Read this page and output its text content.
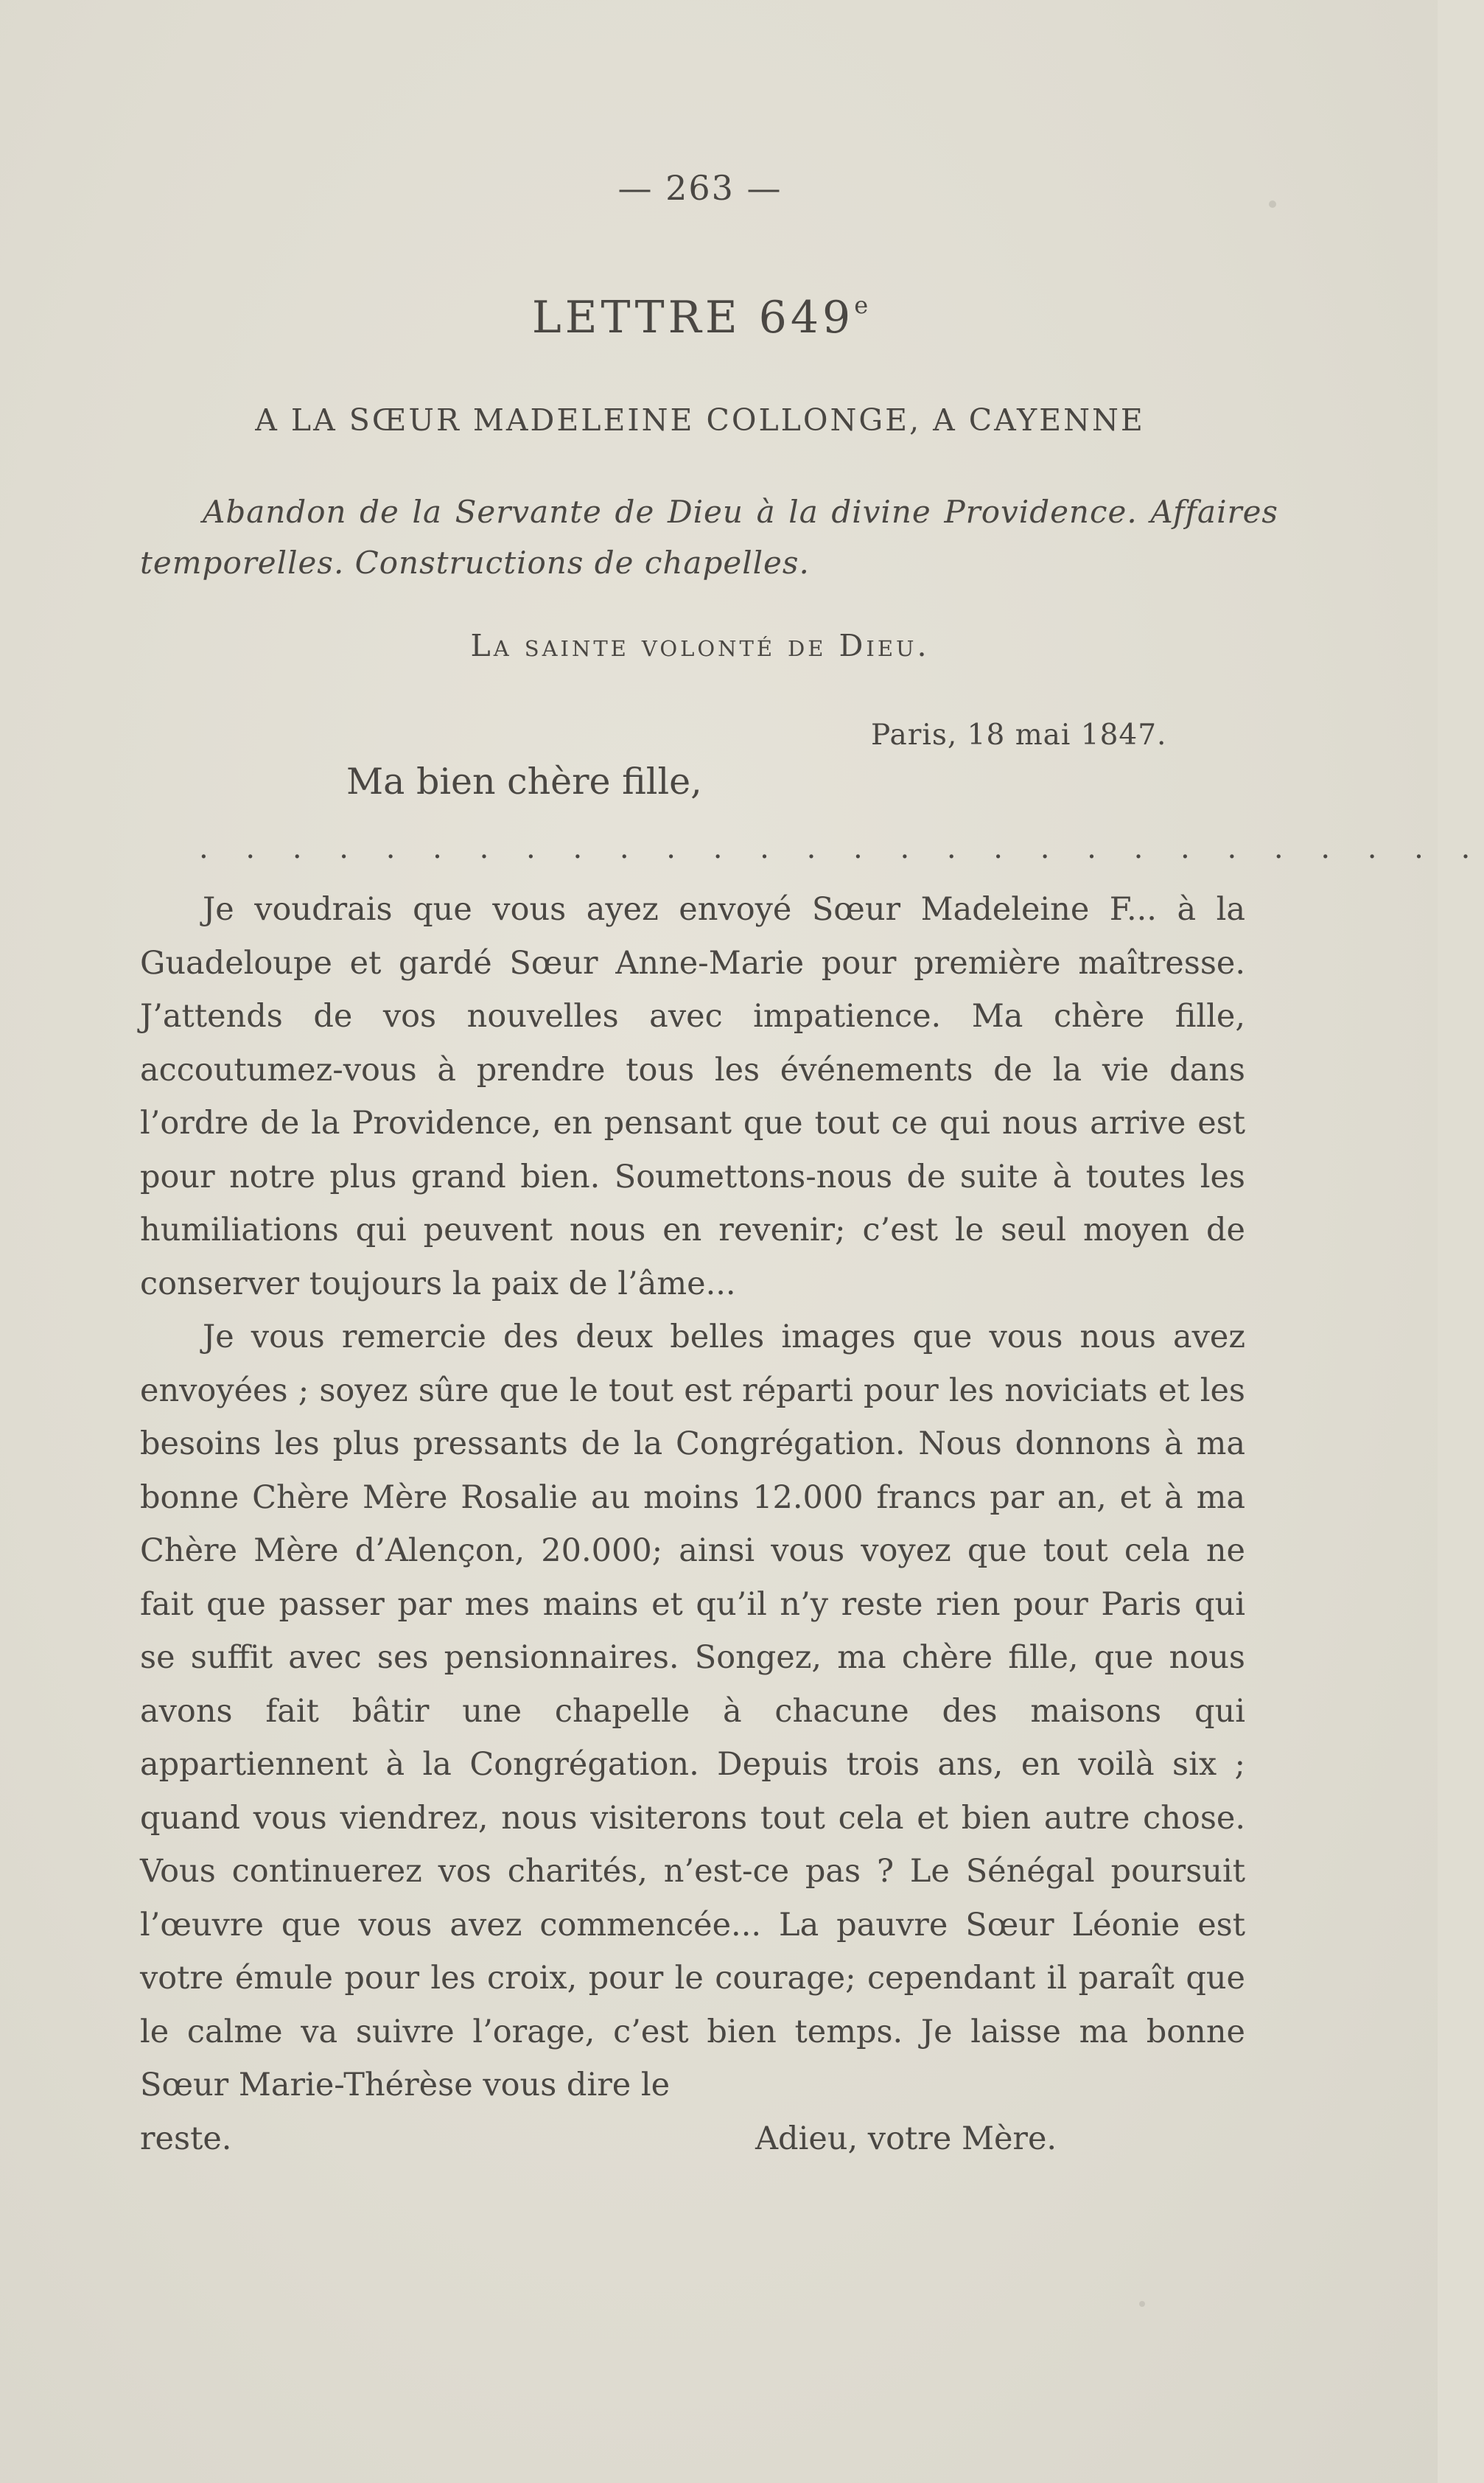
— 263 —
LETTRE 649e
A LA SŒUR MADELEINE COLLONGE, A CAYENNE
Abandon de la Servante de Dieu à la divine Providence. Affaires
temporelles. Constructions de chapelles.
La sainte volonté de Dieu.
Paris, 18 mai 1847.
Ma bien chère fille,
. . . . . . . . . . . . . . . . . . . . . . . . . . . .

Je voudrais que vous ayez envoyé Sœur Madeleine F... à la Guadeloupe et gardé Sœur Anne-Marie pour première maîtresse. J’attends de vos nouvelles avec impatience. Ma chère fille, accoutumez-vous à prendre tous les événements de la vie dans l’ordre de la Providence, en pensant que tout ce qui nous arrive est pour notre plus grand bien. Soumettons-nous de suite à toutes les humiliations qui peuvent nous en revenir; c’est le seul moyen de conserver toujours la paix de l’âme...

Je vous remercie des deux belles images que vous nous avez envoyées ; soyez sûre que le tout est réparti pour les noviciats et les besoins les plus pressants de la Congrégation. Nous donnons à ma bonne Chère Mère Rosalie au moins 12.000 francs par an, et à ma Chère Mère d’Alençon, 20.000; ainsi vous voyez que tout cela ne fait que passer par mes mains et qu’il n’y reste rien pour Paris qui se suffit avec ses pensionnaires. Songez, ma chère fille, que nous avons fait bâtir une chapelle à chacune des maisons qui appartiennent à la Congrégation. Depuis trois ans, en voilà six ; quand vous viendrez, nous visiterons tout cela et bien autre chose. Vous continuerez vos charités, n’est-ce pas ? Le Sénégal poursuit l’œuvre que vous avez commencée... La pauvre Sœur Léonie est votre émule pour les croix, pour le courage; cependant il paraît que le calme va suivre l’orage, c’est bien temps. Je laisse ma bonne Sœur Marie-Thérèse vous dire le

reste.	Adieu, votre Mère.
